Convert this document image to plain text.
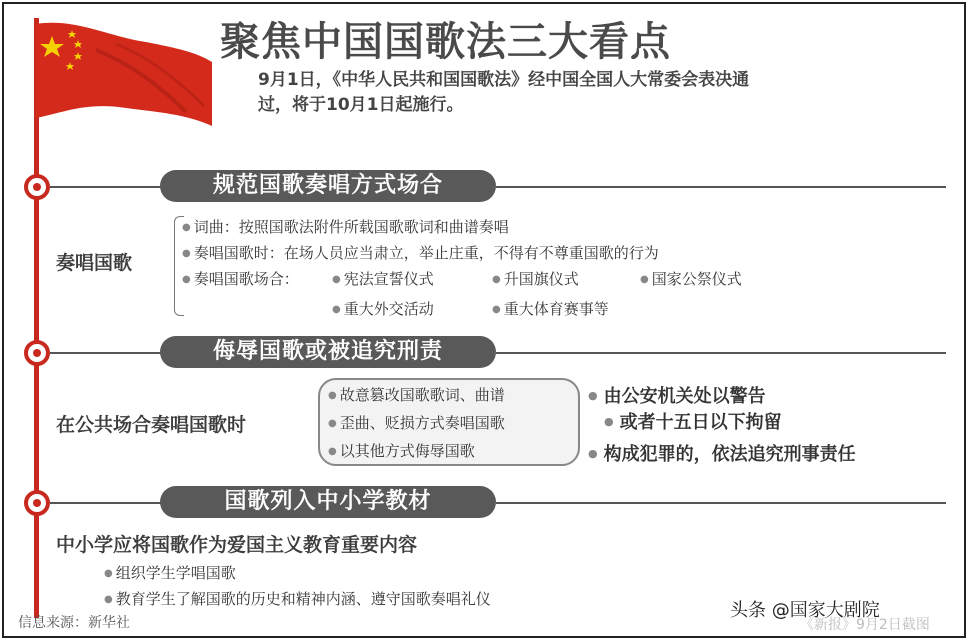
聚焦中国国歌法三大看点
9月1日，《中华人民共和国国歌法》经中国全国人大常委会表决通过，将于10月1日起施行。
规范国歌奏唱方式场合
奏唱国歌
● 词曲：按照国歌法附件所载国歌歌词和曲谱奏唱
● 奏唱国歌时：在场人员应当肃立，举止庄重，不得有不尊重国歌的行为
● 奏唱国歌场合：	● 宪法宣誓仪式	● 升国旗仪式	● 国家公祭仪式
● 重大外交活动	● 重大体育赛事等
侮辱国歌或被追究刑责
在公共场合奏唱国歌时
● 故意篡改国歌歌词、曲谱
● 歪曲、贬损方式奏唱国歌
● 以其他方式侮辱国歌
● 由公安机关处以警告
● 或者十五日以下拘留
● 构成犯罪的，依法追究刑事责任
国歌列入中小学教材
中小学应将国歌作为爱国主义教育重要内容
● 组织学生学唱国歌
● 教育学生了解国歌的历史和精神内涵、遵守国歌奏唱礼仪
信息来源：新华社	《新报》9月2日截图
头条 @国家大剧院
